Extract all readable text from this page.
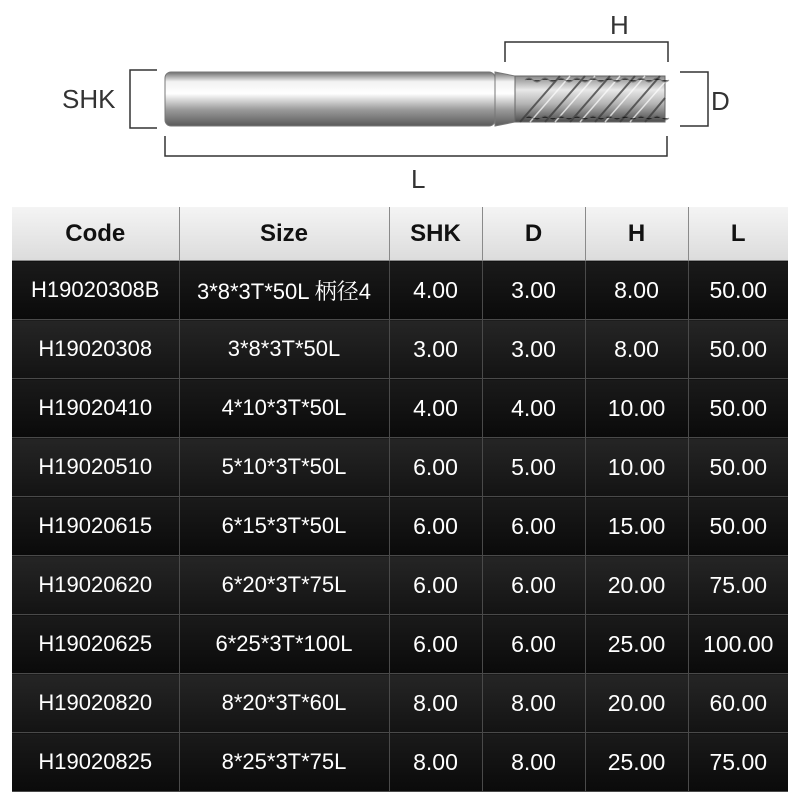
SHK	D
H
L
Code	Size	SHK	D	H	L
H19020308B	3*8*3T*50L 柄径4	4.00	3.00	8.00	50.00
H19020308	3*8*3T*50L	3.00	3.00	8.00	50.00
H19020410	4*10*3T*50L	4.00	4.00	10.00	50.00
H19020510	5*10*3T*50L	6.00	5.00	10.00	50.00
H19020615	6*15*3T*50L	6.00	6.00	15.00	50.00
H19020620	6*20*3T*75L	6.00	6.00	20.00	75.00
H19020625	6*25*3T*100L	6.00	6.00	25.00	100.00
H19020820	8*20*3T*60L	8.00	8.00	20.00	60.00
H19020825	8*25*3T*75L	8.00	8.00	25.00	75.00
